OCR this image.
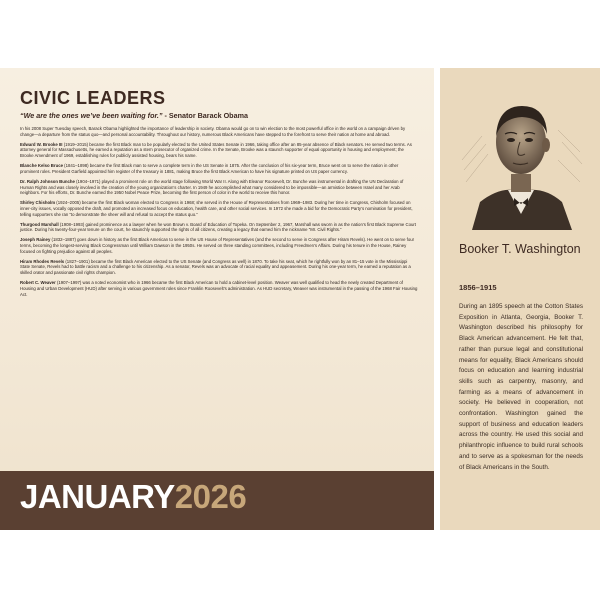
CIVIC LEADERS
“We are the ones we’ve been waiting for.” - Senator Barack Obama

In his 2008 Super Tuesday speech, Barack Obama highlighted the importance of leadership in society. Obama would go on to win election to the most powerful office in the world on a campaign driven by change—a departure from the status quo—and personal accountability. Throughout our history, numerous Black Americans have stepped to the forefront to serve their nation at home and abroad.

Edward W. Brooke III (1919–2015) became the first Black man to be popularly elected to the United States Senate in 1966, taking office after an 85-year absence of Black senators. He served two terms. As attorney general for Massachusetts, he earned a reputation as a stern prosecutor of organized crime. In the Senate, Brooke was a staunch supporter of equal opportunity in housing and employment; the Brooke Amendment of 1969, establishing rules for publicly assisted housing, bears his name.

Blanche Kelso Bruce (1841–1898) became the first Black man to serve a complete term in the US Senate in 1875. After the conclusion of his six-year term, Bruce went on to serve the nation in other prominent roles. President Garfield appointed him register of the treasury in 1881, making Bruce the first Black American to have his signature printed on US paper currency.

Dr. Ralph Johnson Bunche (1904–1971) played a prominent role on the world stage following World War II. Along with Eleanor Roosevelt, Dr. Bunche was instrumental in drafting the UN Declaration of Human Rights and was closely involved in the creation of the young organization’s charter. In 1949 he accomplished what many considered to be impossible—an armistice between Israel and her Arab neighbors. For his efforts, Dr. Bunche earned the 1950 Nobel Peace Prize, becoming the first person of color in the world to receive this honor.

Shirley Chisholm (1924–2005) became the first Black woman elected to Congress in 1968; she served in the House of Representatives from 1969–1983. During her time in Congress, Chisholm focused on inner-city issues, vocally opposed the draft, and promoted an increased focus on education, health care, and other social services. In 1972 she made a bid for the Democratic Party’s nomination for president, telling supporters she ran “to demonstrate the sheer will and refusal to accept the status quo.”

Thurgood Marshall (1908–1993) gained prominence as a lawyer when he won Brown v. Board of Education of Topeka. On September 2, 1967, Marshall was sworn in as the nation’s first Black Supreme Court justice. During his twenty-four-year tenure on the court, he staunchly supported the rights of all citizens, creating a legacy that earned him the nickname “Mr. Civil Rights.”

Joseph Rainey (1832–1887) goes down in history as the first Black American to serve in the US House of Representatives (and the second to serve in Congress after Hiram Revels). He went on to serve four terms, becoming the longest-serving Black Congressman until William Dawson in the 1950s. He served on three standing committees, including Freedmen’s Affairs. During his tenure in the House, Rainey focused on fighting prejudice against all peoples.

Hiram Rhodes Revels (1827–1901) became the first Black American elected to the US Senate (and Congress as well) in 1870. To take his seat, which he rightfully won by an 81–15 vote in the Mississippi State Senate, Revels had to battle racism and a challenge to his citizenship. As a senator, Revels was an advocate of racial equality and appeasement. During his one-year term, he earned a reputation as a skilled orator and passionate civil rights champion.

Robert C. Weaver (1907–1997) was a noted economist who in 1966 became the first Black American to hold a cabinet-level position. Weaver was well qualified to head the newly created Department of Housing and Urban Development (HUD) after serving in various government roles since Franklin Roosevelt’s administration. As HUD secretary, Weaver was instrumental in the passing of the 1968 Fair Housing Act.

JANUARY2026
Booker T. Washington
1856–1915

During an 1895 speech at the Cotton States Exposition in Atlanta, Georgia, Booker T. Washington described his philosophy for Black American advancement. He felt that, rather than pursue legal and constitutional means for equality, Black Americans should focus on education and learning industrial skills such as carpentry, masonry, and farming as a means of advancement in society. He believed in cooperation, not confrontation. Washington gained the support of business and education leaders across the country. He used this social and philanthropic influence to build rural schools and to serve as a spokesman for the needs of Black Americans in the South.
